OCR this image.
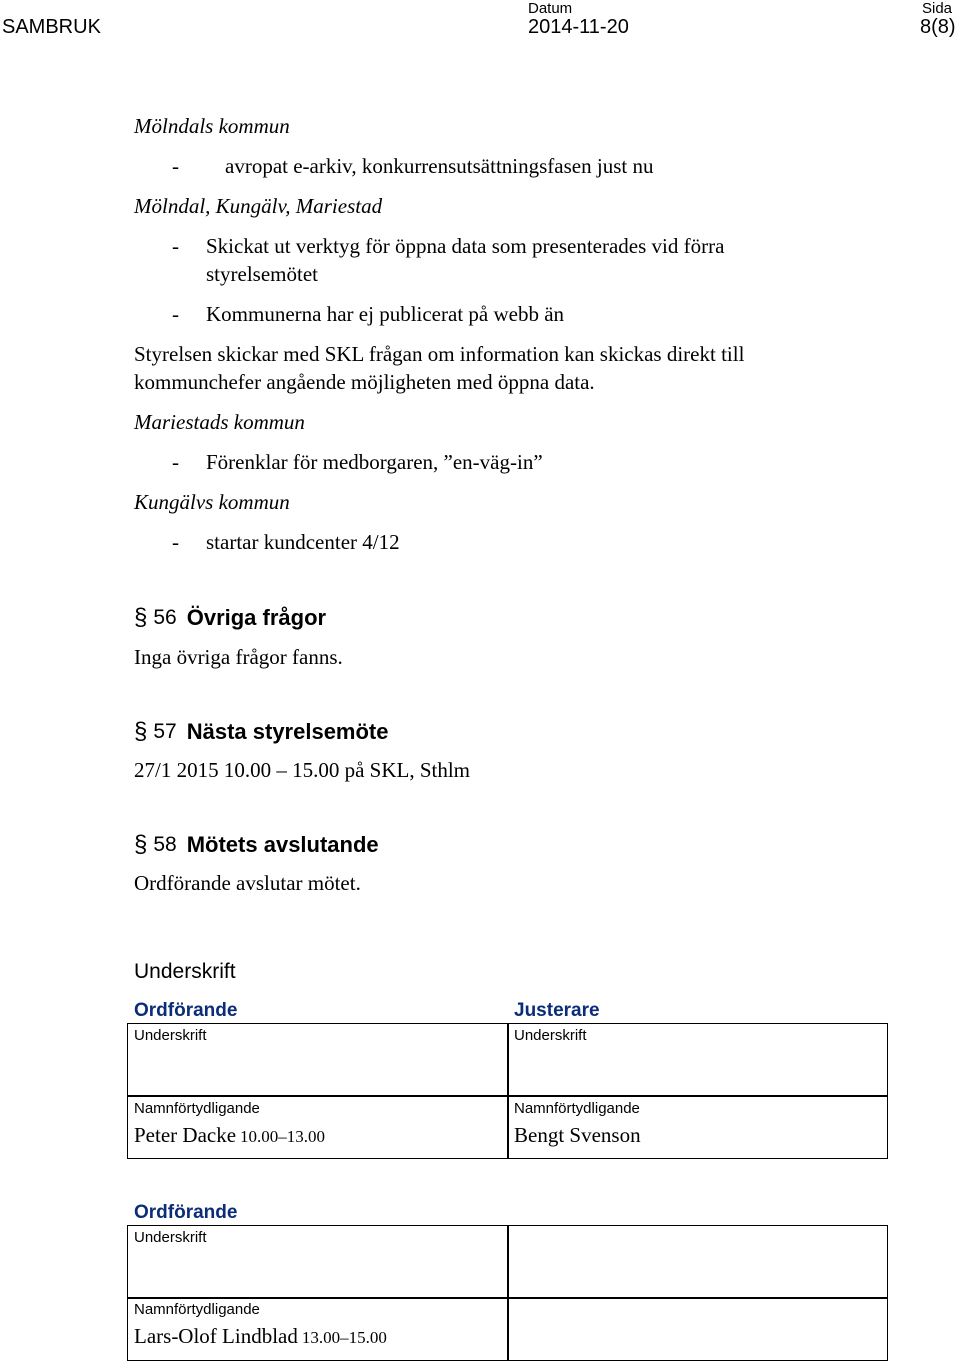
SAMBRUK
Datum
2014-11-20
Sida
8(8)
Mölndals kommun
- avropat e-arkiv, konkurrensutsättningsfasen just nu
Mölndal, Kungälv, Mariestad
- Skickat ut verktyg för öppna data som presenterades vid förra
styrelsemötet
- Kommunerna har ej publicerat på webb än
Styrelsen skickar med SKL frågan om information kan skickas direkt till
kommunchefer angående möjligheten med öppna data.
Mariestads kommun
- Förenklar för medborgaren, ”en-väg-in”
Kungälvs kommun
- startar kundcenter 4/12
§ 56 Övriga frågor
Inga övriga frågor fanns.
§ 57 Nästa styrelsemöte
27/1 2015 10.00 – 15.00 på SKL, Sthlm
§ 58 Mötets avslutande
Ordförande avslutar mötet.
Underskrift
Ordförande	Justerare
Underskrift	Underskrift
Namnförtydligande	Namnförtydligande
Peter Dacke 10.00–13.00	Bengt Svenson
Ordförande
Underskrift
Namnförtydligande
Lars-Olof Lindblad 13.00–15.00
